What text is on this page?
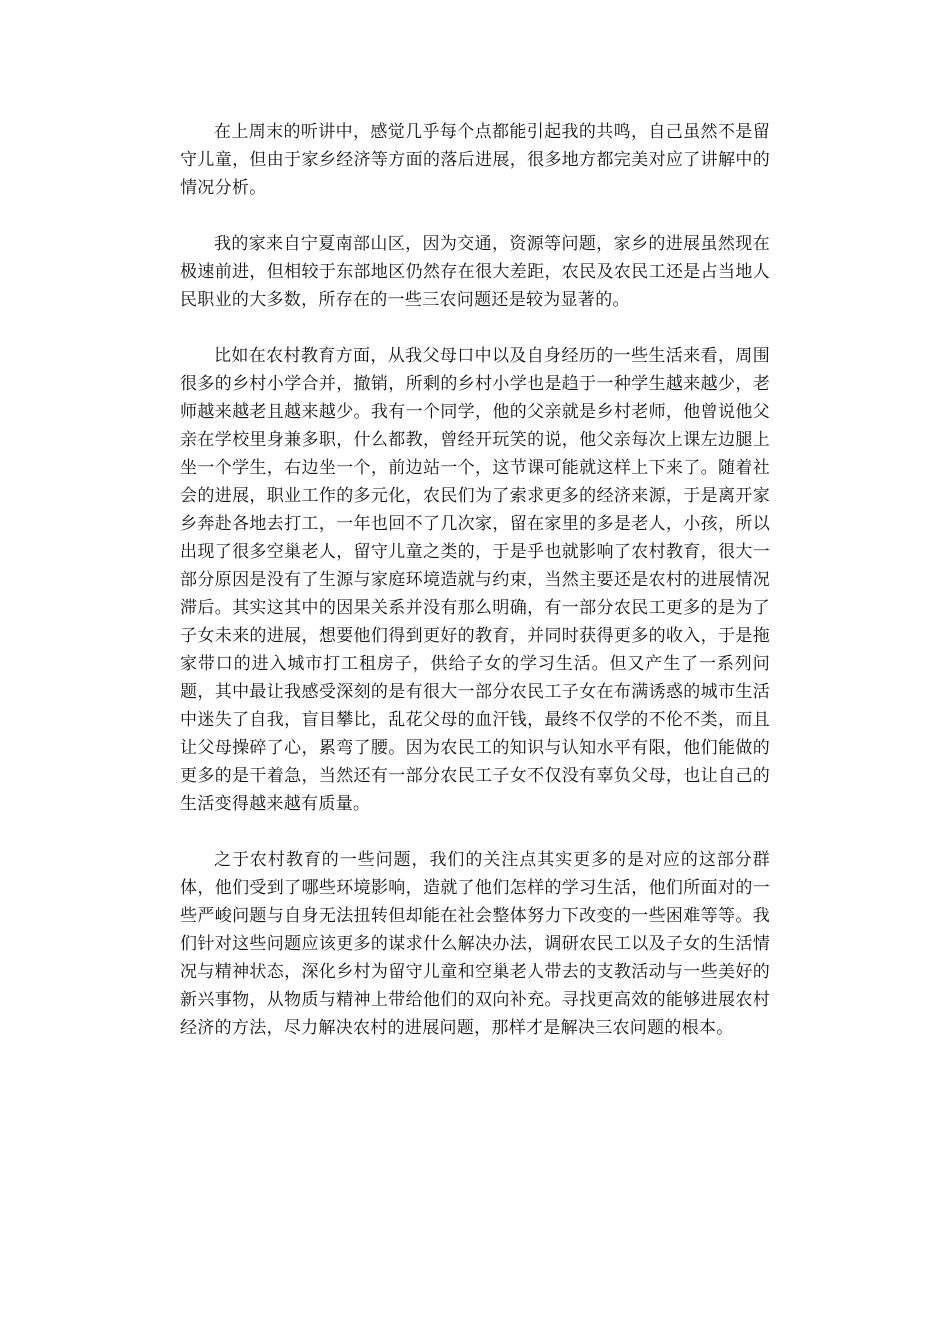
在上周末的听讲中，感觉几乎每个点都能引起我的共鸣，自己虽然不是留守儿童，但由于家乡经济等方面的落后进展，很多地方都完美对应了讲解中的情况分析。

我的家来自宁夏南部山区，因为交通，资源等问题，家乡的进展虽然现在极速前进，但相较于东部地区仍然存在很大差距，农民及农民工还是占当地人民职业的大多数，所存在的一些三农问题还是较为显著的。

比如在农村教育方面，从我父母口中以及自身经历的一些生活来看，周围很多的乡村小学合并，撤销，所剩的乡村小学也是趋于一种学生越来越少，老师越来越老且越来越少。我有一个同学，他的父亲就是乡村老师，他曾说他父亲在学校里身兼多职，什么都教，曾经开玩笑的说，他父亲每次上课左边腿上坐一个学生，右边坐一个，前边站一个，这节课可能就这样上下来了。随着社会的进展，职业工作的多元化，农民们为了索求更多的经济来源，于是离开家乡奔赴各地去打工，一年也回不了几次家，留在家里的多是老人，小孩，所以出现了很多空巢老人，留守儿童之类的，于是乎也就影响了农村教育，很大一部分原因是没有了生源与家庭环境造就与约束，当然主要还是农村的进展情况滞后。其实这其中的因果关系并没有那么明确，有一部分农民工更多的是为了子女未来的进展，想要他们得到更好的教育，并同时获得更多的收入，于是拖家带口的进入城市打工租房子，供给子女的学习生活。但又产生了一系列问题，其中最让我感受深刻的是有很大一部分农民工子女在布满诱惑的城市生活中迷失了自我，盲目攀比，乱花父母的血汗钱，最终不仅学的不伦不类，而且让父母操碎了心，累弯了腰。因为农民工的知识与认知水平有限，他们能做的更多的是干着急，当然还有一部分农民工子女不仅没有辜负父母，也让自己的生活变得越来越有质量。

之于农村教育的一些问题，我们的关注点其实更多的是对应的这部分群体，他们受到了哪些环境影响，造就了他们怎样的学习生活，他们所面对的一些严峻问题与自身无法扭转但却能在社会整体努力下改变的一些困难等等。我们针对这些问题应该更多的谋求什么解决办法，调研农民工以及子女的生活情况与精神状态，深化乡村为留守儿童和空巢老人带去的支教活动与一些美好的新兴事物，从物质与精神上带给他们的双向补充。寻找更高效的能够进展农村经济的方法，尽力解决农村的进展问题，那样才是解决三农问题的根本。
